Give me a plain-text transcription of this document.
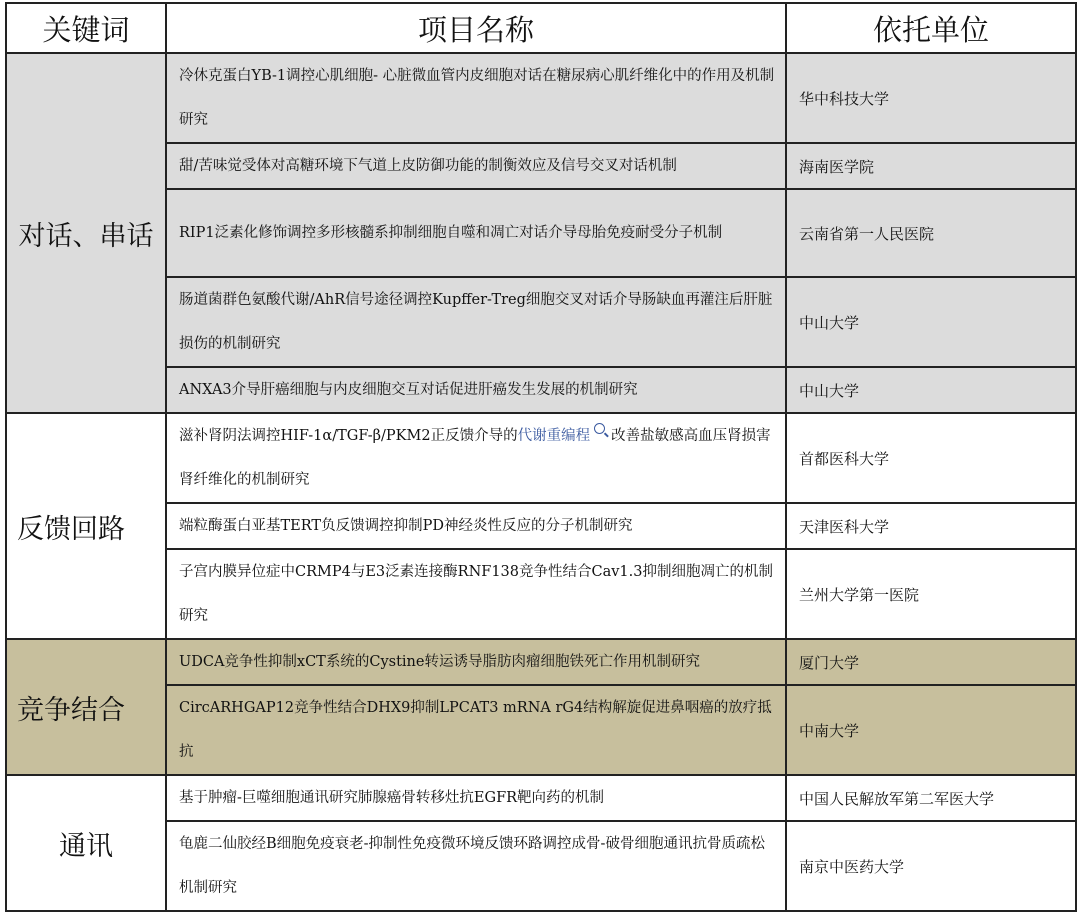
关键词	项目名称	依托单位
对话、串话	冷休克蛋白YB-1调控心肌细胞- 心脏微血管内皮细胞对话在糖尿病心肌纤维化中的作用及机制研究	华中科技大学
	甜/苦味觉受体对高糖环境下气道上皮防御功能的制衡效应及信号交叉对话机制	海南医学院
	RIP1泛素化修饰调控多形核髓系抑制细胞自噬和凋亡对话介导母胎免疫耐受分子机制	云南省第一人民医院
	肠道菌群色氨酸代谢/AhR信号途径调控Kupffer-Treg细胞交叉对话介导肠缺血再灌注后肝脏损伤的机制研究	中山大学
	ANXA3介导肝癌细胞与内皮细胞交互对话促进肝癌发生发展的机制研究	中山大学
反馈回路	滋补肾阴法调控HIF-1α/TGF-β/PKM2正反馈介导的代谢重编程 改善盐敏感高血压肾损害肾纤维化的机制研究	首都医科大学
	端粒酶蛋白亚基TERT负反馈调控抑制PD神经炎性反应的分子机制研究	天津医科大学
	子宫内膜异位症中CRMP4与E3泛素连接酶RNF138竞争性结合Cav1.3抑制细胞凋亡的机制研究	兰州大学第一医院
竞争结合	UDCA竞争性抑制xCT系统的Cystine转运诱导脂肪肉瘤细胞铁死亡作用机制研究	厦门大学
	CircARHGAP12竞争性结合DHX9抑制LPCAT3 mRNA rG4结构解旋促进鼻咽癌的放疗抵抗	中南大学
通讯	基于肿瘤-巨噬细胞通讯研究肺腺癌骨转移灶抗EGFR靶向药的机制	中国人民解放军第二军医大学
	龟鹿二仙胶经B细胞免疫衰老-抑制性免疫微环境反馈环路调控成骨-破骨细胞通讯抗骨质疏松机制研究	南京中医药大学
